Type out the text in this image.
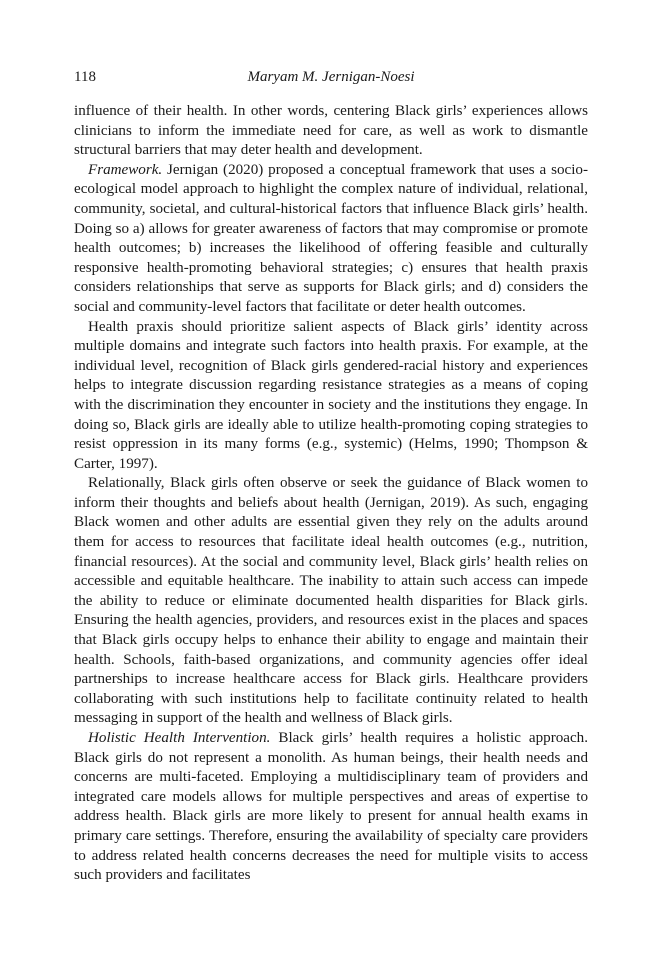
118	Maryam M. Jernigan-Noesi

influence of their health. In other words, centering Black girls’ experiences allows clinicians to inform the immediate need for care, as well as work to dismantle structural barriers that may deter health and development.

Framework. Jernigan (2020) proposed a conceptual framework that uses a socio-ecological model approach to highlight the complex nature of individual, relational, community, societal, and cultural-historical factors that influence Black girls’ health. Doing so a) allows for greater awareness of factors that may compromise or promote health outcomes; b) increases the likelihood of offering feasible and culturally responsive health-promoting behavioral strategies; c) ensures that health praxis considers relationships that serve as supports for Black girls; and d) considers the social and community-level factors that facilitate or deter health outcomes.

Health praxis should prioritize salient aspects of Black girls’ identity across multiple domains and integrate such factors into health praxis. For example, at the individual level, recognition of Black girls gendered-racial history and experiences helps to integrate discussion regarding resistance strategies as a means of coping with the discrimination they encounter in society and the institutions they engage. In doing so, Black girls are ideally able to utilize health-promoting coping strategies to resist oppression in its many forms (e.g., systemic) (Helms, 1990; Thompson & Carter, 1997).

Relationally, Black girls often observe or seek the guidance of Black women to inform their thoughts and beliefs about health (Jernigan, 2019). As such, engaging Black women and other adults are essential given they rely on the adults around them for access to resources that facilitate ideal health outcomes (e.g., nutrition, financial resources). At the social and community level, Black girls’ health relies on accessible and equitable healthcare. The inability to attain such access can impede the ability to reduce or eliminate documented health disparities for Black girls. Ensuring the health agencies, providers, and resources exist in the places and spaces that Black girls occupy helps to enhance their ability to engage and maintain their health. Schools, faith-based organizations, and community agencies offer ideal partnerships to increase healthcare access for Black girls. Healthcare providers collaborating with such institutions help to facilitate continuity related to health messaging in support of the health and wellness of Black girls.

Holistic Health Intervention. Black girls’ health requires a holistic approach. Black girls do not represent a monolith. As human beings, their health needs and concerns are multi-faceted. Employing a multidisciplinary team of providers and integrated care models allows for multiple perspectives and areas of expertise to address health. Black girls are more likely to present for annual health exams in primary care settings. Therefore, ensuring the availability of specialty care providers to address related health concerns decreases the need for multiple visits to access such providers and facilitates
